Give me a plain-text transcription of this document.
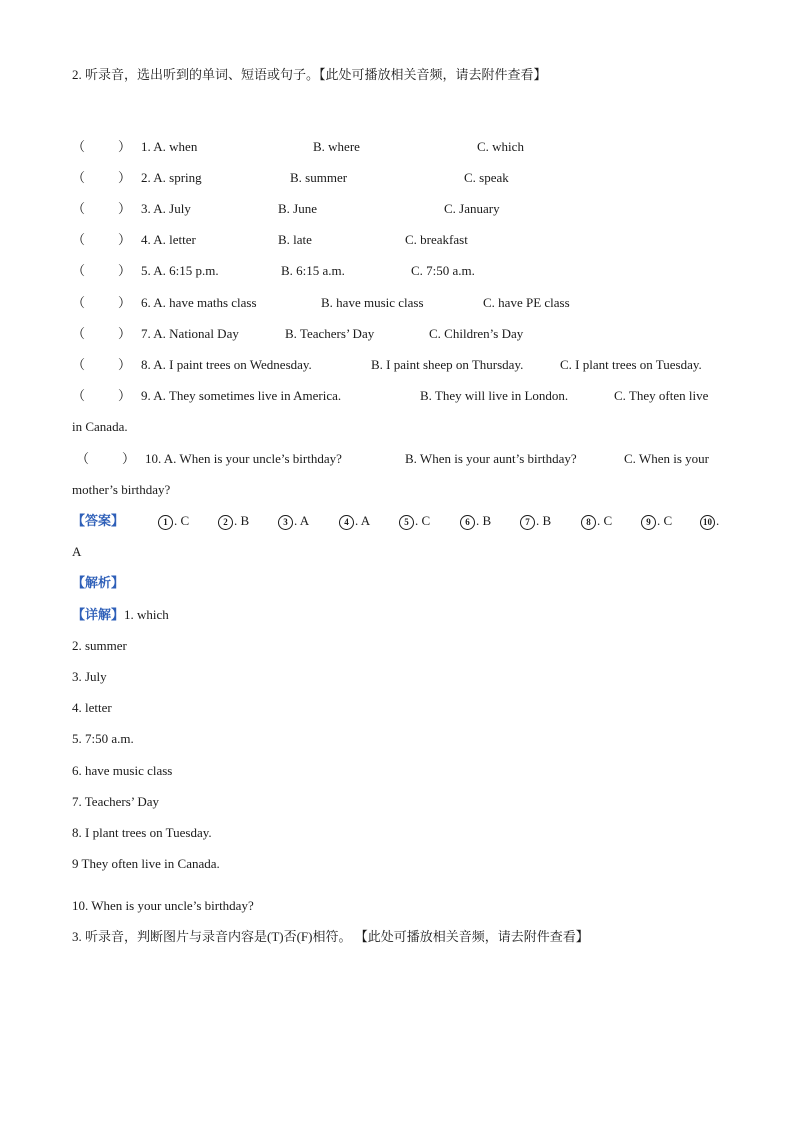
2. 听录音，选出听到的单词、短语或句子。【此处可播放相关音频，请去附件查看】
（	） 1. A. when	B. where	C. which
（	） 2. A. spring	B. summer	C. speak
（	） 3. A. July	B. June	C. January
（	） 4. A. letter	B. late	C. breakfast
（	） 5. A. 6:15 p.m.	B. 6:15 a.m.	C. 7:50 a.m.
（	） 6. A. have maths class	B. have music class	C. have PE class
（	） 7. A. National Day	B. Teachers’ Day	C. Children’s Day
（	） 8. A. I paint trees on Wednesday.	B. I paint sheep on Thursday.	C. I plant trees on Tuesday.
（	） 9. A. They sometimes live in America.	B. They will live in London.	C. They often live
in Canada.
（	） 10. A. When is your uncle’s birthday?	B. When is your aunt’s birthday?	C. When is your
mother’s birthday?
【答案】	1 . C	2 . B	3 . A	4 . A	5 . C	6 . B	7 . B	8 . C	9 . C	10 .
A
【解析】
【详解】1. which
2. summer
3. July
4. letter
5. 7:50 a.m.
6. have music class
7. Teachers’ Day
8. I plant trees on Tuesday.
9 They often live in Canada.
10. When is your uncle’s birthday?
3. 听录音，判断图片与录音内容是(T)否(F)相符。 【此处可播放相关音频，请去附件查看】
